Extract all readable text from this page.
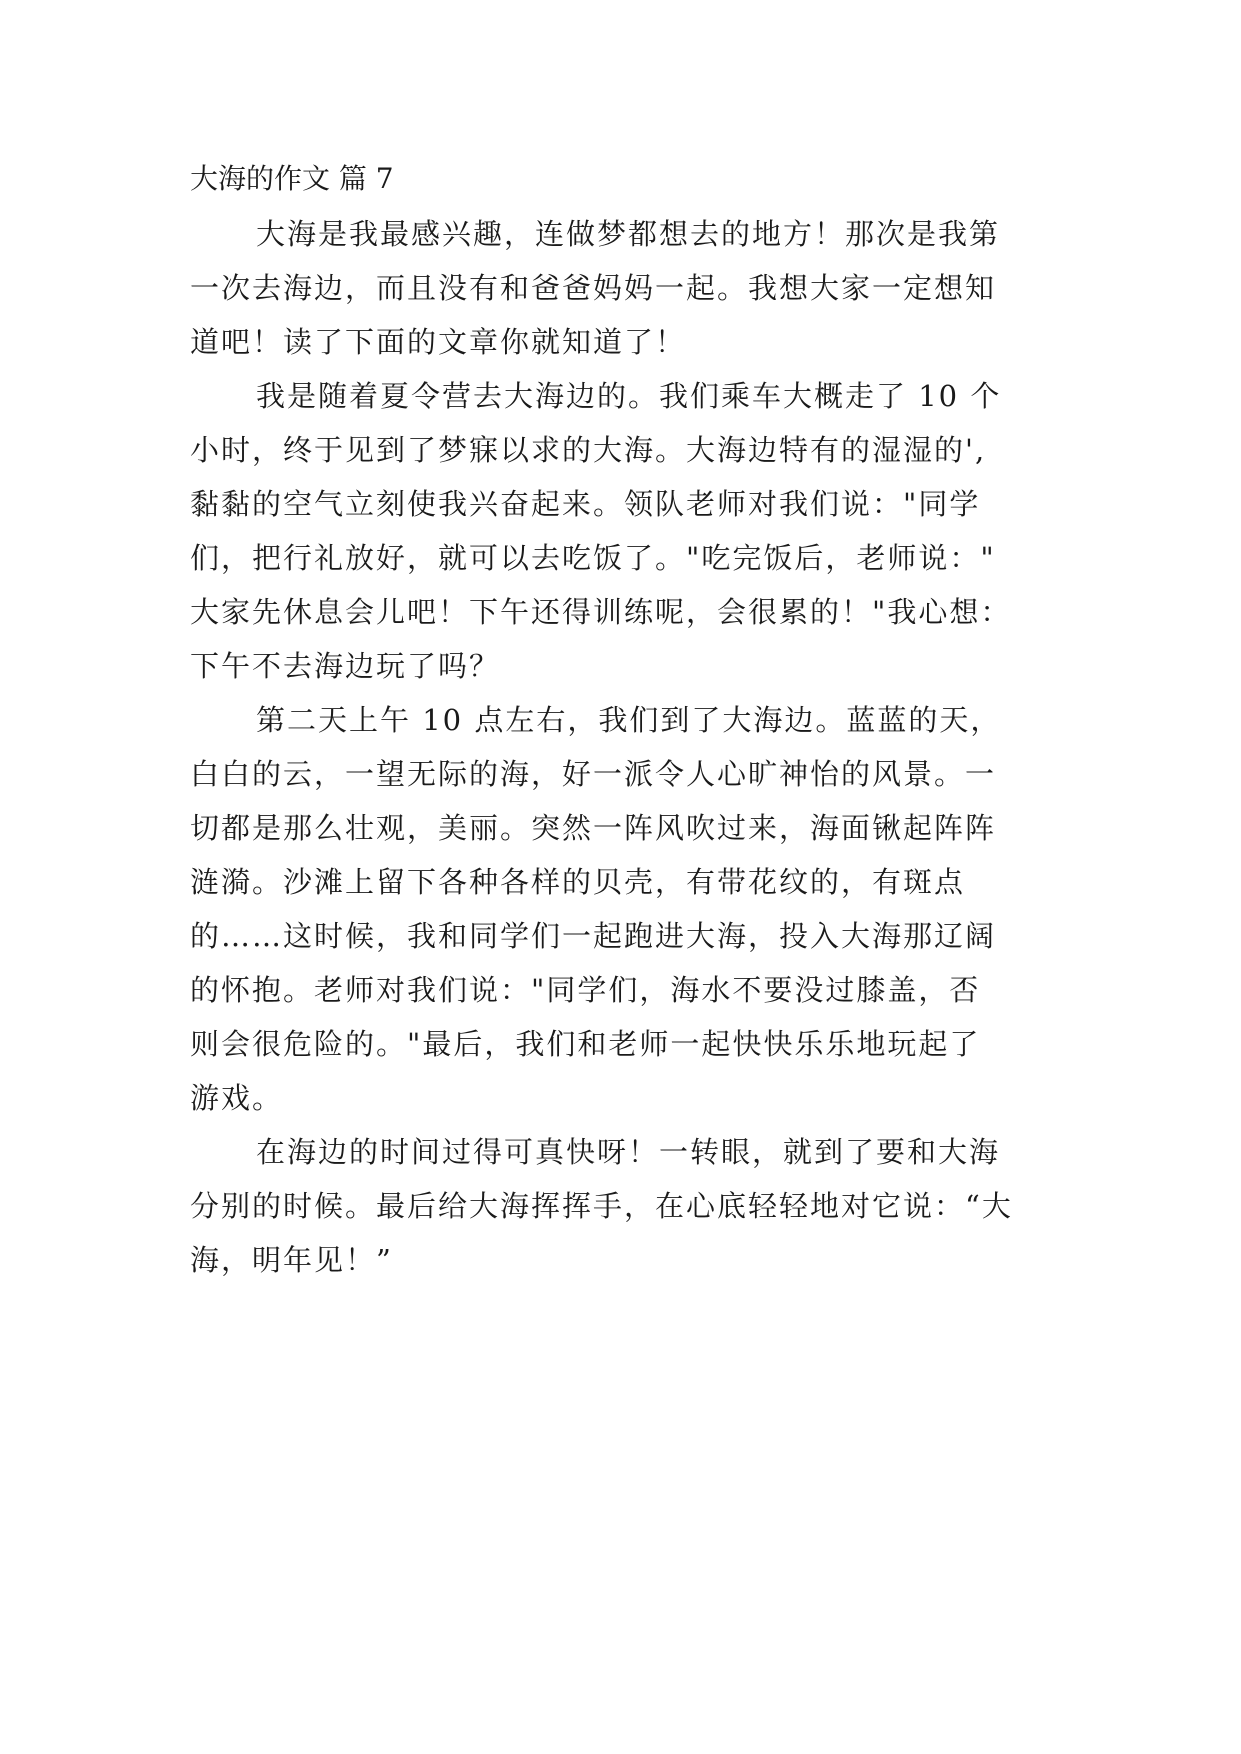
大海的作文 篇 7
大海是我最感兴趣，连做梦都想去的地方！那次是我第
一次去海边，而且没有和爸爸妈妈一起。我想大家一定想知
道吧！读了下面的文章你就知道了！
我是随着夏令营去大海边的。我们乘车大概走了 10 个
小时，终于见到了梦寐以求的大海。大海边特有的湿湿的',
黏黏的空气立刻使我兴奋起来。领队老师对我们说："同学
们，把行礼放好，就可以去吃饭了。"吃完饭后，老师说："
大家先休息会儿吧！下午还得训练呢，会很累的！"我心想：
下午不去海边玩了吗？
第二天上午 10 点左右，我们到了大海边。蓝蓝的天，
白白的云，一望无际的海，好一派令人心旷神怡的风景。一
切都是那么壮观，美丽。突然一阵风吹过来，海面锹起阵阵
涟漪。沙滩上留下各种各样的贝壳，有带花纹的，有斑点
的……这时候，我和同学们一起跑进大海，投入大海那辽阔
的怀抱。老师对我们说："同学们，海水不要没过膝盖，否
则会很危险的。"最后，我们和老师一起快快乐乐地玩起了
游戏。
在海边的时间过得可真快呀！一转眼，就到了要和大海
分别的时候。最后给大海挥挥手，在心底轻轻地对它说：“大
海，明年见！”
